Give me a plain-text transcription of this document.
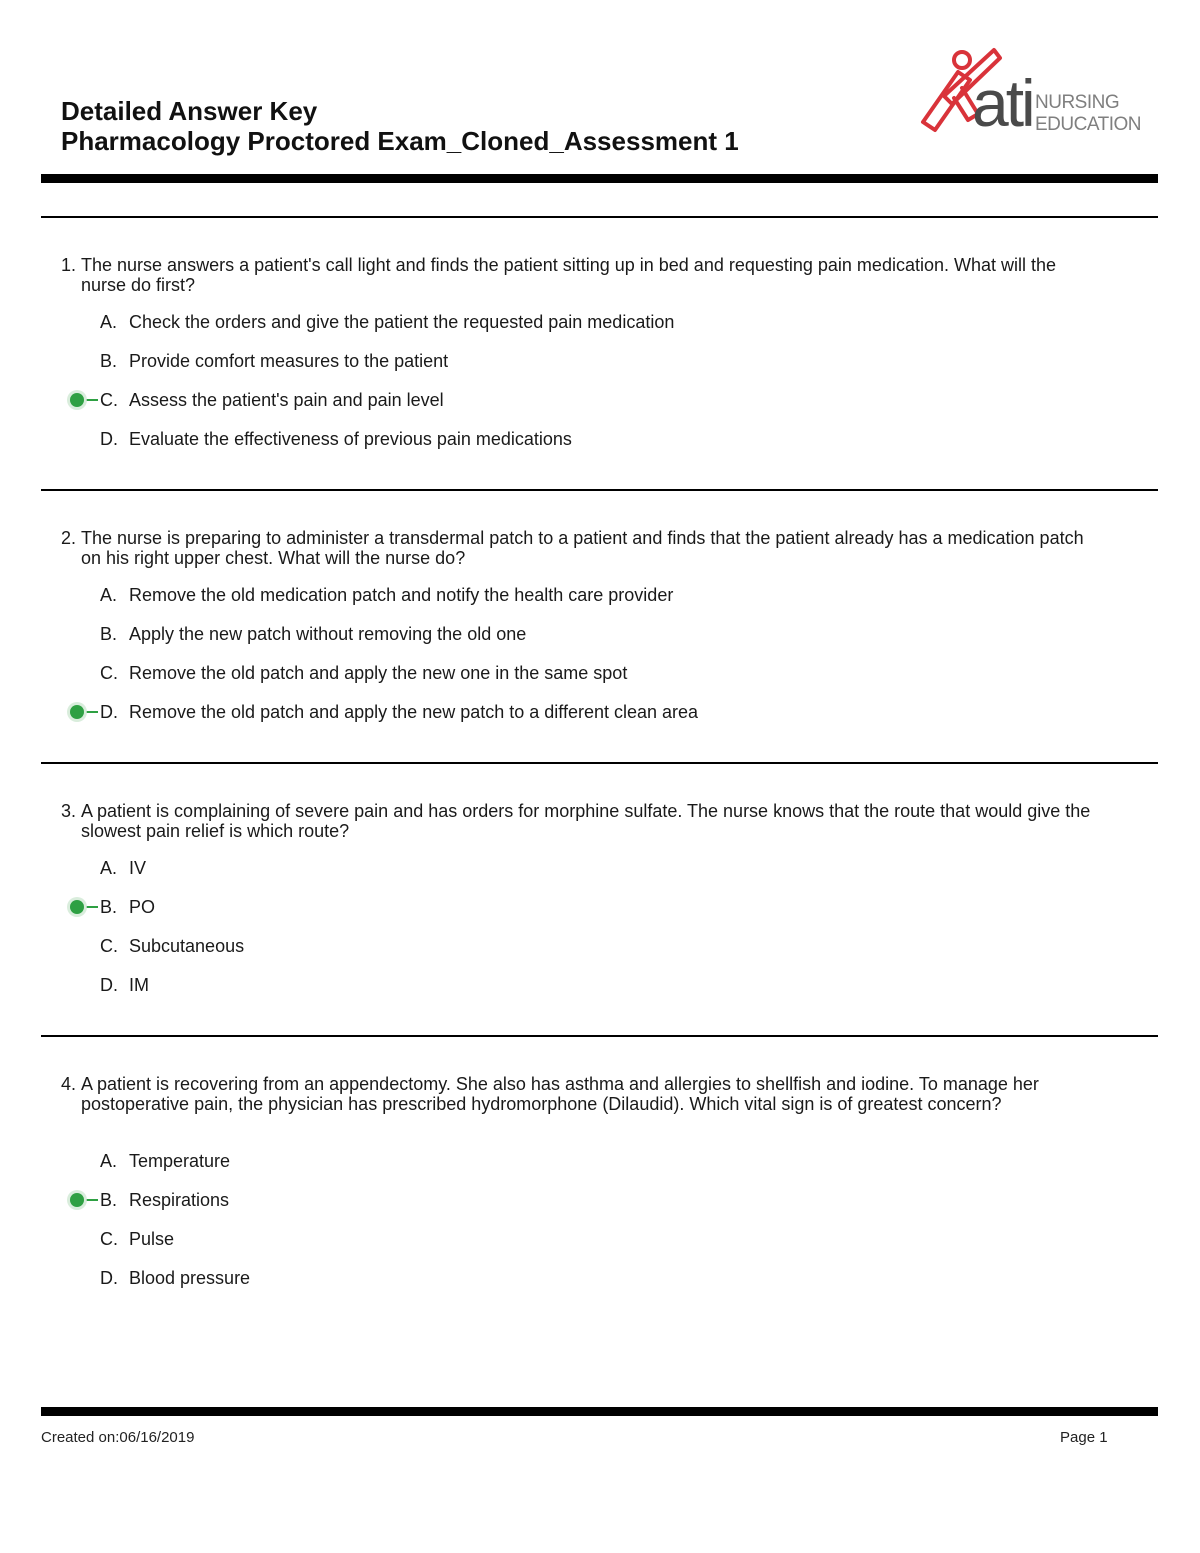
Detailed Answer Key
Pharmacology Proctored Exam_Cloned_Assessment 1
ati NURSING
EDUCATION
1. The nurse answers a patient's call light and finds the patient sitting up in bed and requesting pain medication. What will the nurse do first?
A. Check the orders and give the patient the requested pain medication
B. Provide comfort measures to the patient
C. Assess the patient's pain and pain level
D. Evaluate the effectiveness of previous pain medications
2. The nurse is preparing to administer a transdermal patch to a patient and finds that the patient already has a medication patch on his right upper chest. What will the nurse do?
A. Remove the old medication patch and notify the health care provider
B. Apply the new patch without removing the old one
C. Remove the old patch and apply the new one in the same spot
D. Remove the old patch and apply the new patch to a different clean area
3. A patient is complaining of severe pain and has orders for morphine sulfate. The nurse knows that the route that would give the slowest pain relief is which route?
A. IV
B. PO
C. Subcutaneous
D. IM
4. A patient is recovering from an appendectomy. She also has asthma and allergies to shellfish and iodine. To manage her postoperative pain, the physician has prescribed hydromorphone (Dilaudid). Which vital sign is of greatest concern?
A. Temperature
B. Respirations
C. Pulse
D. Blood pressure
Created on:06/16/2019	Page 1
